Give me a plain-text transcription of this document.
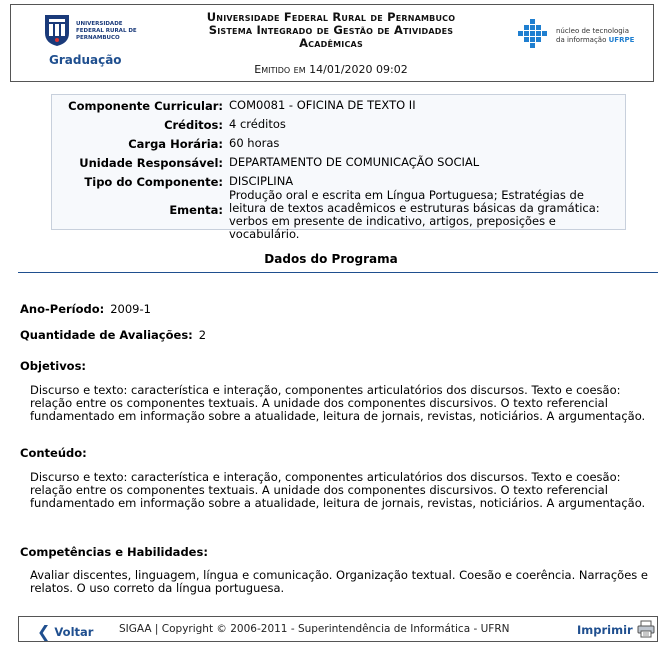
UNIVERSIDADE FEDERAL RURAL DE PERNAMBUCO
Graduação
Universidade Federal Rural de Pernambuco
Sistema Integrado de Gestão de Atividades
Acadêmicas
Emitido em 14/01/2020 09:02
núcleo de tecnologia da informação UFRPE
Componente Curricular: COM0081 - OFICINA DE TEXTO II
Créditos: 4 créditos
Carga Horária: 60 horas
Unidade Responsável: DEPARTAMENTO DE COMUNICAÇÃO SOCIAL
Tipo do Componente: DISCIPLINA
Ementa:
Produção oral e escrita em Língua Portuguesa; Estratégias de leitura de textos acadêmicos e estruturas básicas da gramática: verbos em presente de indicativo, artigos, preposições e vocabulário.
Dados do Programa
Ano-Período: 2009-1
Quantidade de Avaliações: 2
Objetivos:
Discurso e texto: característica e interação, componentes articulatórios dos discursos. Texto e coesão: relação entre os componentes textuais. A unidade dos componentes discursivos. O texto referencial fundamentado em informação sobre a atualidade, leitura de jornais, revistas, noticiários. A argumentação.
Conteúdo:
Discurso e texto: característica e interação, componentes articulatórios dos discursos. Texto e coesão: relação entre os componentes textuais. A unidade dos componentes discursivos. O texto referencial fundamentado em informação sobre a atualidade, leitura de jornais, revistas, noticiários. A argumentação.
Competências e Habilidades:
Avaliar discentes, linguagem, língua e comunicação. Organização textual. Coesão e coerência. Narrações e relatos. O uso correto da língua portuguesa.
❮ Voltar SIGAA | Copyright © 2006-2011 - Superintendência de Informática - UFRN	Imprimir
